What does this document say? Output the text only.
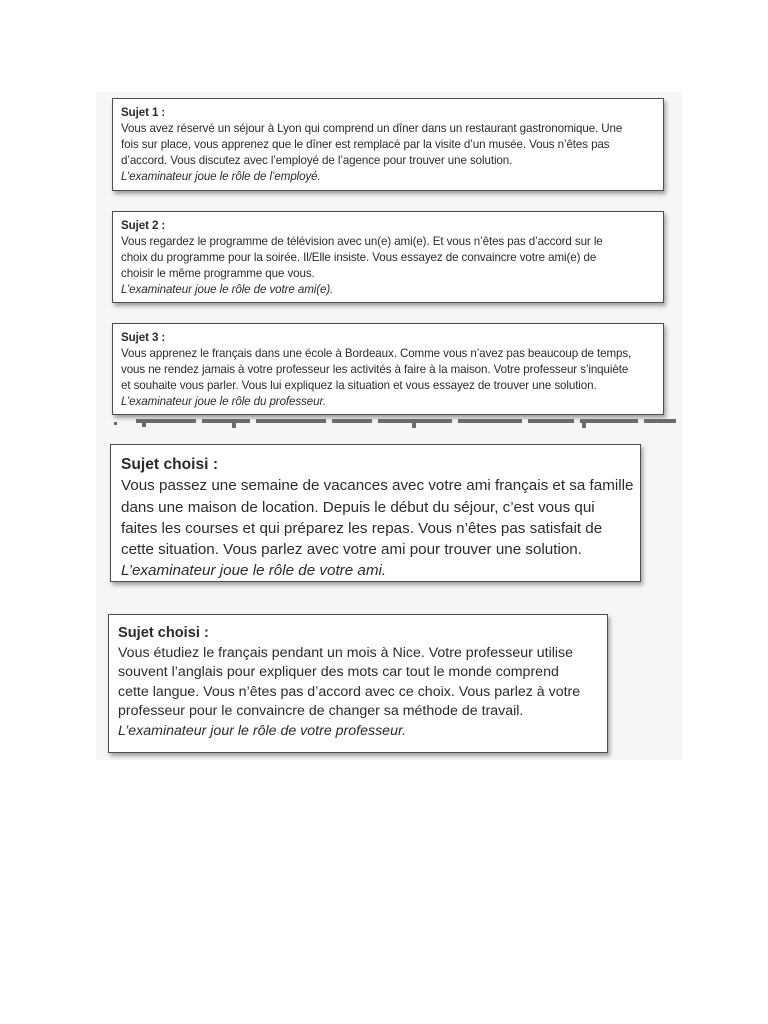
Sujet 1 :
Vous avez réservé un séjour à Lyon qui comprend un dîner dans un restaurant gastronomique. Une
fois sur place, vous apprenez que le dîner est remplacé par la visite d’un musée. Vous n’êtes pas
d’accord. Vous discutez avec l’employé de l’agence pour trouver une solution.
L’examinateur joue le rôle de l’employé.
Sujet 2 :
Vous regardez le programme de télévision avec un(e) ami(e). Et vous n’êtes pas d’accord sur le
choix du programme pour la soirée. Il/Elle insiste. Vous essayez de convaincre votre ami(e) de
choisir le même programme que vous.
L’examinateur joue le rôle de votre ami(e).
Sujet 3 :
Vous apprenez le français dans une école à Bordeaux. Comme vous n’avez pas beaucoup de temps,
vous ne rendez jamais à votre professeur les activités à faire à la maison. Votre professeur s’inquiète
et souhaite vous parler. Vous lui expliquez la situation et vous essayez de trouver une solution.
L’examinateur joue le rôle du professeur.
Sujet choisi :
Vous passez une semaine de vacances avec votre ami français et sa famille
dans une maison de location. Depuis le début du séjour, c’est vous qui
faites les courses et qui préparez les repas. Vous n’êtes pas satisfait de
cette situation. Vous parlez avec votre ami pour trouver une solution.
L’examinateur joue le rôle de votre ami.
Sujet choisi :
Vous étudiez le français pendant un mois à Nice. Votre professeur utilise
souvent l’anglais pour expliquer des mots car tout le monde comprend
cette langue. Vous n’êtes pas d’accord avec ce choix. Vous parlez à votre
professeur pour le convaincre de changer sa méthode de travail.
L’examinateur jour le rôle de votre professeur.
